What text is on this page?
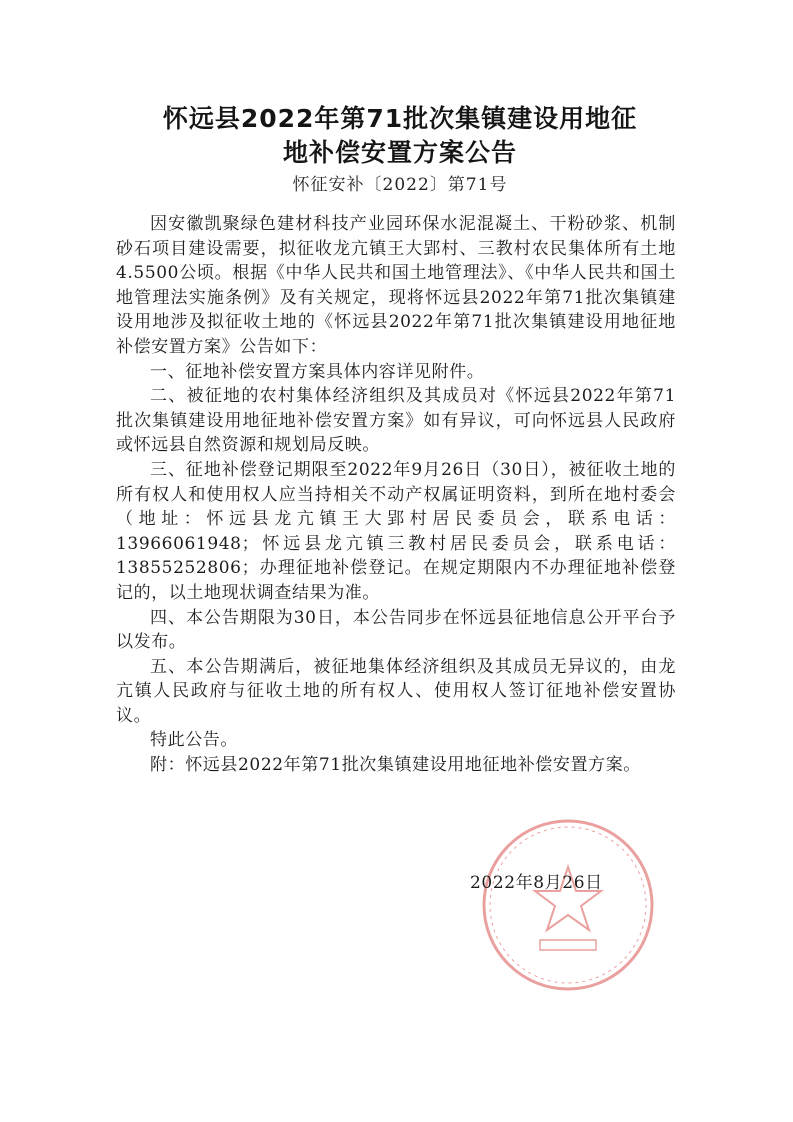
怀远县2022年第71批次集镇建设用地征
地补偿安置方案公告
怀征安补〔2022〕第71号

因安徽凯聚绿色建材科技产业园环保水泥混凝土、干粉砂浆、机制砂石项目建设需要，拟征收龙亢镇王大郢村、三教村农民集体所有土地4.5500公顷。根据《中华人民共和国土地管理法》、《中华人民共和国土地管理法实施条例》及有关规定，现将怀远县2022年第71批次集镇建设用地涉及拟征收土地的《怀远县2022年第71批次集镇建设用地征地补偿安置方案》公告如下：

一、征地补偿安置方案具体内容详见附件。

二、被征地的农村集体经济组织及其成员对《怀远县2022年第71批次集镇建设用地征地补偿安置方案》如有异议，可向怀远县人民政府或怀远县自然资源和规划局反映。

三、征地补偿登记期限至2022年9月26日（30日），被征收土地的所有权人和使用权人应当持相关不动产权属证明资料，到所在地村委会（地址：怀远县龙亢镇王大郢村居民委员会，联系电话：13966061948；怀远县龙亢镇三教村居民委员会，联系电话：13855252806；办理征地补偿登记。在规定期限内不办理征地补偿登记的，以土地现状调查结果为准。

四、本公告期限为30日，本公告同步在怀远县征地信息公开平台予以发布。

五、本公告期满后，被征地集体经济组织及其成员无异议的，由龙亢镇人民政府与征收土地的所有权人、使用权人签订征地补偿安置协议。

特此公告。

附：怀远县2022年第71批次集镇建设用地征地补偿安置方案。

2022年8月26日
